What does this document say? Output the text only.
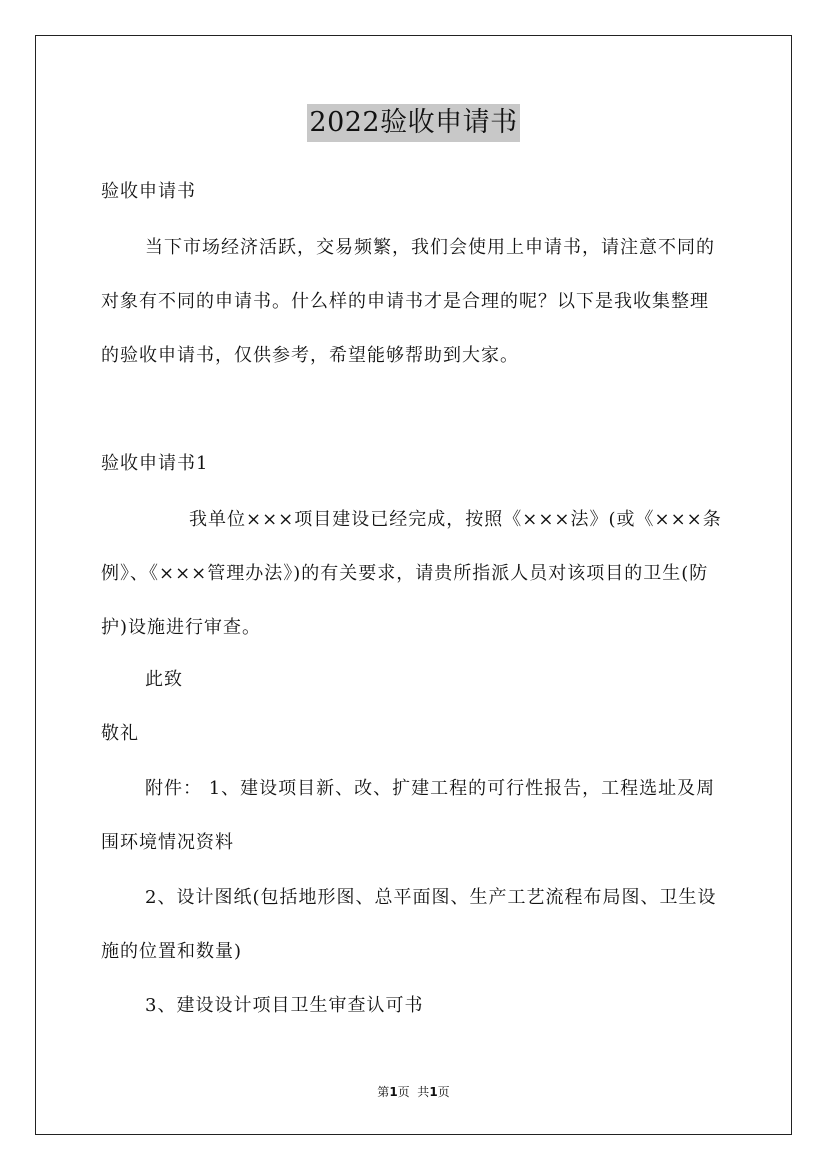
2022验收申请书

验收申请书

当下市场经济活跃，交易频繁，我们会使用上申请书，请注意不同的对象有不同的申请书。什么样的申请书才是合理的呢？以下是我收集整理的验收申请书，仅供参考，希望能够帮助到大家。

验收申请书1

我单位×××项目建设已经完成，按照《×××法》(或《×××条例》、《×××管理办法》)的有关要求，请贵所指派人员对该项目的卫生(防护)设施进行审查。

此致

敬礼

附件： 1、建设项目新、改、扩建工程的可行性报告，工程选址及周围环境情况资料

2、设计图纸(包括地形图、总平面图、生产工艺流程布局图、卫生设施的位置和数量)

3、建设设计项目卫生审查认可书

第1页  共1页
